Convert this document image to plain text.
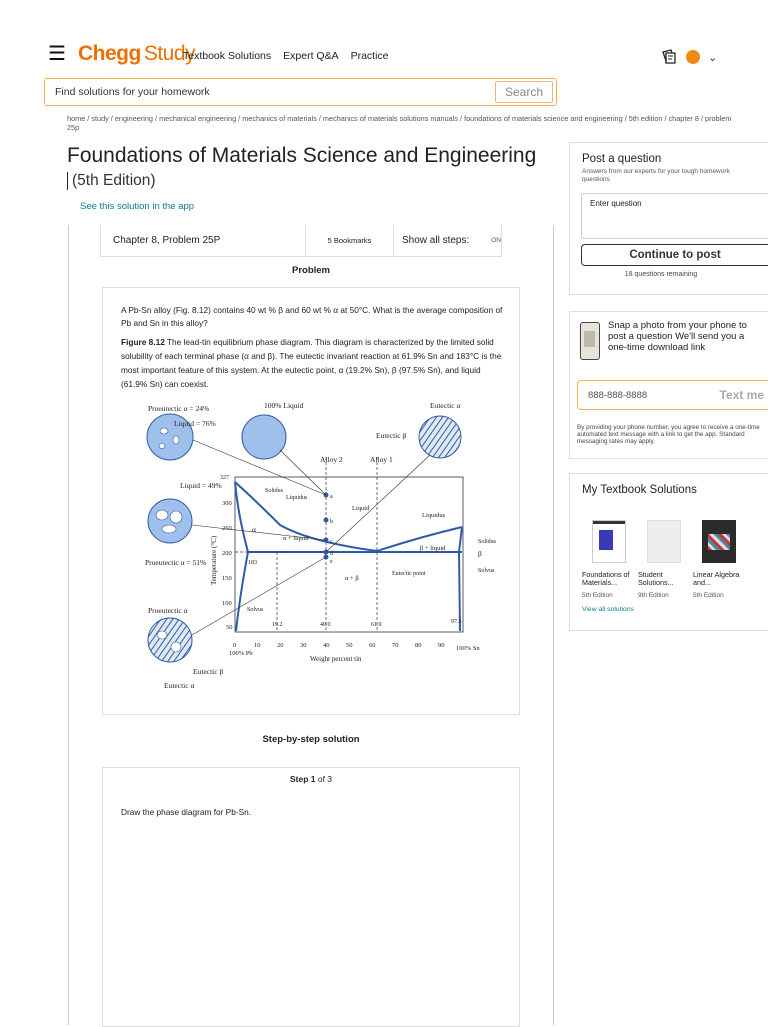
☰ Chegg Study
Textbook Solutions Expert Q&A Practice	⌄
Find solutions for your homework
Search
home / study / engineering / mechanical engineering / mechanics of materials / mechanics of materials solutions manuals / foundations of materials science and engineering / 5th edition / chapter 8 / problem 25p
Foundations of Materials Science and Engineering
(5th Edition)
See this solution in the app
Chapter 8, Problem 25P	5 Bookmarks	Show all steps:	ON
Problem
A Pb-Sn alloy (Fig. 8.12) contains 40 wt % β and 60 wt % α at 50°C. What is the average composition of Pb and Sn in this alloy?
Figure 8.12 The lead-tin equilibrium phase diagram. This diagram is characterized by the limited solid solubility of each terminal phase (α and β). The eutectic invariant reaction at 61.9% Sn and 183°C is the most important feature of this system. At the eutectic point, α (19.2% Sn), β (97.5% Sn), and liquid (61.9% Sn) can coexist.
Proeutectic α = 24%
Liquid = 76%
100% Liquid	Eutectic α
Eutectic β
Alloy 2	Alloy 1
Liquid = 49%
Proeutectic α = 51%
Proeutectic α
Eutectic β
Eutectic α
Solidus
Liquidus
Liquid
Liquidus
α
α + liquid
β + liquid
β
Eutectic point
α + β
Solvus
Solvus
Solidus
327
183
19.2	40.0	61.9	97.5
a
b
c
d
e
100% Pb
100% Sn
Weight percent tin
Temperature (°C)
300
250
200
150
100
50
0	10	20	30	40	50	60	70	80	90
Step-by-step solution
Step 1 of 3
Draw the phase diagram for Pb-Sn.
Post a question
Answers from our experts for your tough homework questions
Enter question
Continue to post
18 questions remaining
Snap a photo from your phone to post a question We'll send you a one-time download link
888-888-8888
Text me
By providing your phone number, you agree to receive a one-time automated text message with a link to get the app. Standard messaging rates may apply.
My Textbook Solutions
Foundations of Materials...
Student Solutions...
Linear Algebra and...
5th Edition	9th Edition	5th Edition
View all solutions
